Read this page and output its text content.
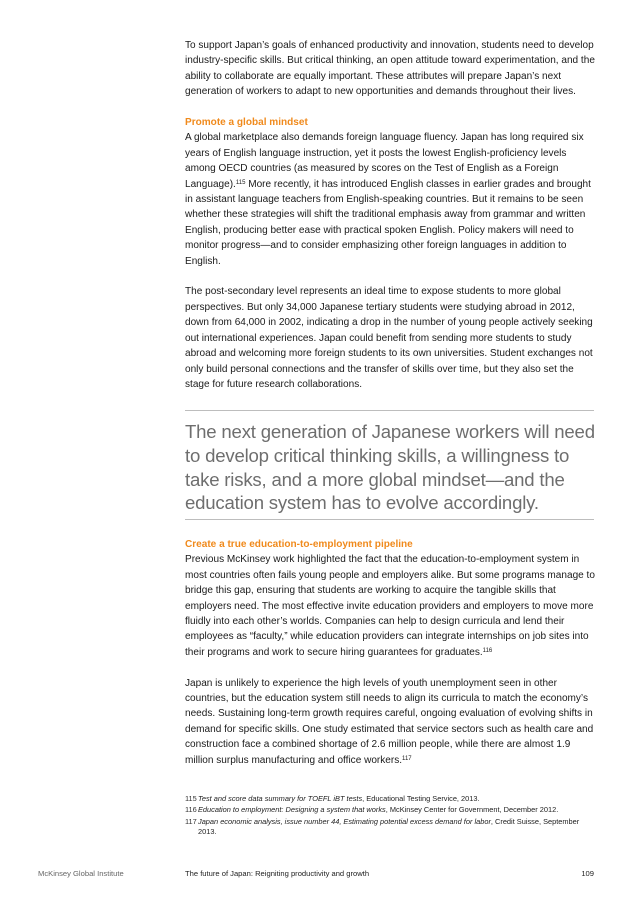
To support Japan’s goals of enhanced productivity and innovation, students need to develop industry-specific skills. But critical thinking, an open attitude toward experimentation, and the ability to collaborate are equally important. These attributes will prepare Japan’s next generation of workers to adapt to new opportunities and demands throughout their lives.

Promote a global mindset

A global marketplace also demands foreign language fluency. Japan has long required six years of English language instruction, yet it posts the lowest English-proficiency levels among OECD countries (as measured by scores on the Test of English as a Foreign Language).$^{115}$ More recently, it has introduced English classes in earlier grades and brought in assistant language teachers from English-speaking countries. But it remains to be seen whether these strategies will shift the traditional emphasis away from grammar and written English, producing better ease with practical spoken English. Policy makers will need to monitor progress—and to consider emphasizing other foreign languages in addition to English.

The post-secondary level represents an ideal time to expose students to more global perspectives. But only 34,000 Japanese tertiary students were studying abroad in 2012, down from 64,000 in 2002, indicating a drop in the number of young people actively seeking out international experiences. Japan could benefit from sending more students to study abroad and welcoming more foreign students to its own universities. Student exchanges not only build personal connections and the transfer of skills over time, but they also set the stage for future research collaborations.

The next generation of Japanese workers will need to develop critical thinking skills, a willingness to take risks, and a more global mindset—and the education system has to evolve accordingly.

Create a true education-to-employment pipeline

Previous McKinsey work highlighted the fact that the education-to-employment system in most countries often fails young people and employers alike. But some programs manage to bridge this gap, ensuring that students are working to acquire the tangible skills that employers need. The most effective invite education providers and employers to move more fluidly into each other’s worlds. Companies can help to design curricula and lend their employees as “faculty,” while education providers can integrate internships on job sites into their programs and work to secure hiring guarantees for graduates.$^{116}$

Japan is unlikely to experience the high levels of youth unemployment seen in other countries, but the education system still needs to align its curricula to match the economy’s needs. Sustaining long-term growth requires careful, ongoing evaluation of evolving shifts in demand for specific skills. One study estimated that service sectors such as health care and construction face a combined shortage of 2.6 million people, while there are almost 1.9 million surplus manufacturing and office workers.$^{117}$

115 Test and score data summary for TOEFL iBT tests, Educational Testing Service, 2013.
116 Education to employment: Designing a system that works, McKinsey Center for Government, December 2012.
117 Japan economic analysis, issue number 44, Estimating potential excess demand for labor, Credit Suisse, September 2013.
McKinsey Global Institute	The future of Japan: Reigniting productivity and growth	109
